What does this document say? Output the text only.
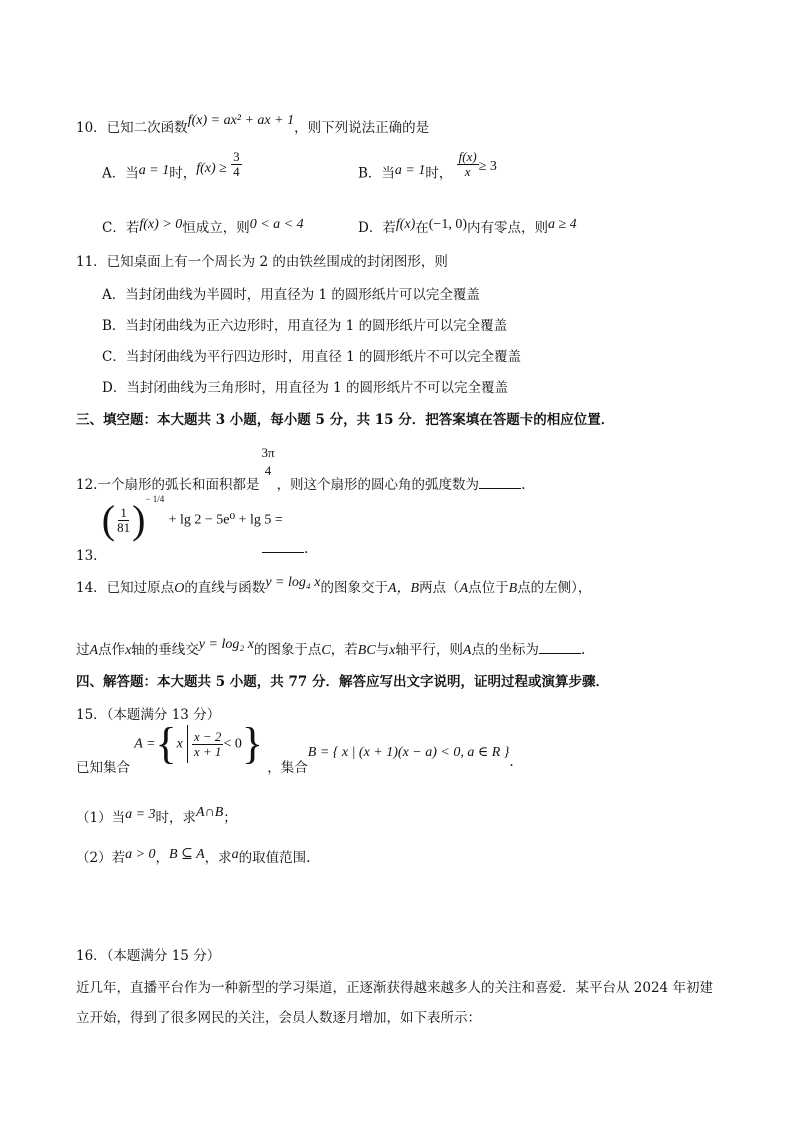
10．已知二次函数f(x) = ax² + ax + 1，则下列说法正确的是
A．当a = 1时，$f(x) \ge \frac{3}{4}$	B．当a = 1时， $\frac{f(x)}{x} \ge 3$
C．若f(x) > 0恒成立，则0 < a < 4	D．若f(x)在(−1, 0)内有零点，则a ≥ 4
11．已知桌面上有一个周长为 2 的由铁丝围成的封闭图形，则
A．当封闭曲线为半圆时，用直径为 1 的圆形纸片可以完全覆盖
B．当封闭曲线为正六边形时，用直径为 1 的圆形纸片可以完全覆盖
C．当封闭曲线为平行四边形时，用直径 1 的圆形纸片不可以完全覆盖
D．当封闭曲线为三角形时，用直径为 1 的圆形纸片不可以完全覆盖
三、填空题：本大题共 3 小题，每小题 5 分，共 15 分．把答案填在答题卡的相应位置．
12.一个扇形的弧长和面积都是
3π
4
，则这个扇形的圆心角的弧度数为	.
13. ( $\frac{1}{81} )^{- 1/4} + \lg 2 - 5e^0 + \lg 5$ =
.
14．已知过原点O的直线与函数y = log₄ x的图象交于A，B两点（A点位于B点的左侧），
过A点作x轴的垂线交y = log₂ x的图象于点C，若BC与x轴平行，则A点的坐标为	.
四、解答题：本大题共 5 小题，共 77 分．解答应写出文字说明，证明过程或演算步骤．
15．（本题满分 13 分）
已知集合 $A =\{x \frac{x - 2}{x + 1} < 0\}$ ，集合B = { x | (x + 1)(x − a) < 0, a ∈ R }.
（1）当a = 3时，求A∩B；
（2）若a > 0，B ⊆ A，求a的取值范围.
16．（本题满分 15 分）
近几年，直播平台作为一种新型的学习渠道，正逐渐获得越来越多人的关注和喜爱．某平台从 2024 年初建
立开始，得到了很多网民的关注，会员人数逐月增加，如下表所示：
